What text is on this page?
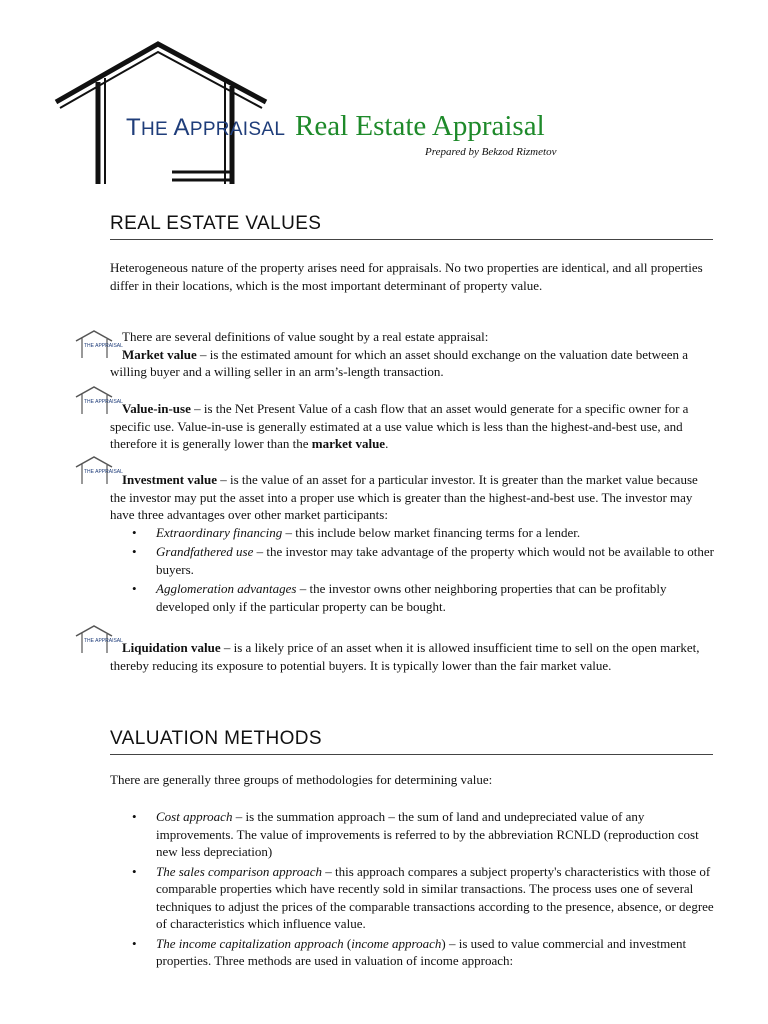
THE APPRAISAL Real Estate Appraisal
Prepared by Bekzod Rizmetov
REAL ESTATE VALUES

Heterogeneous nature of the property arises need for appraisals. No two properties are identical, and all properties differ in their locations, which is the most important determinant of property value.

THE APPRAISAL
THE APPRAISAL
THE APPRAISAL
THE APPRAISAL

There are several definitions of value sought by a real estate appraisal:

Market value – is the estimated amount for which an asset should exchange on the valuation date between a willing buyer and a willing seller in an arm’s-length transaction.

Value-in-use – is the Net Present Value of a cash flow that an asset would generate for a specific owner for a specific use. Value-in-use is generally estimated at a use value which is less than the highest-and-best use, and therefore it is generally lower than the market value.

Investment value – is the value of an asset for a particular investor. It is greater than the market value because the investor may put the asset into a proper use which is greater than the highest-and-best use. The investor may have three advantages over other market participants:

• Extraordinary financing – this include below market financing terms for a lender.
• Grandfathered use – the investor may take advantage of the property which would not be available to other buyers.
• Agglomeration advantages – the investor owns other neighboring properties that can be profitably developed only if the particular property can be bought.

Liquidation value – is a likely price of an asset when it is allowed insufficient time to sell on the open market, thereby reducing its exposure to potential buyers. It is typically lower than the fair market value.

VALUATION METHODS

There are generally three groups of methodologies for determining value:

• Cost approach – is the summation approach – the sum of land and undepreciated value of any improvements. The value of improvements is referred to by the abbreviation RCNLD (reproduction cost new less depreciation)
• The sales comparison approach – this approach compares a subject property's characteristics with those of comparable properties which have recently sold in similar transactions. The process uses one of several techniques to adjust the prices of the comparable transactions according to the presence, absence, or degree of characteristics which influence value.
• The income capitalization approach (income approach) – is used to value commercial and investment properties. Three methods are used in valuation of income approach:
